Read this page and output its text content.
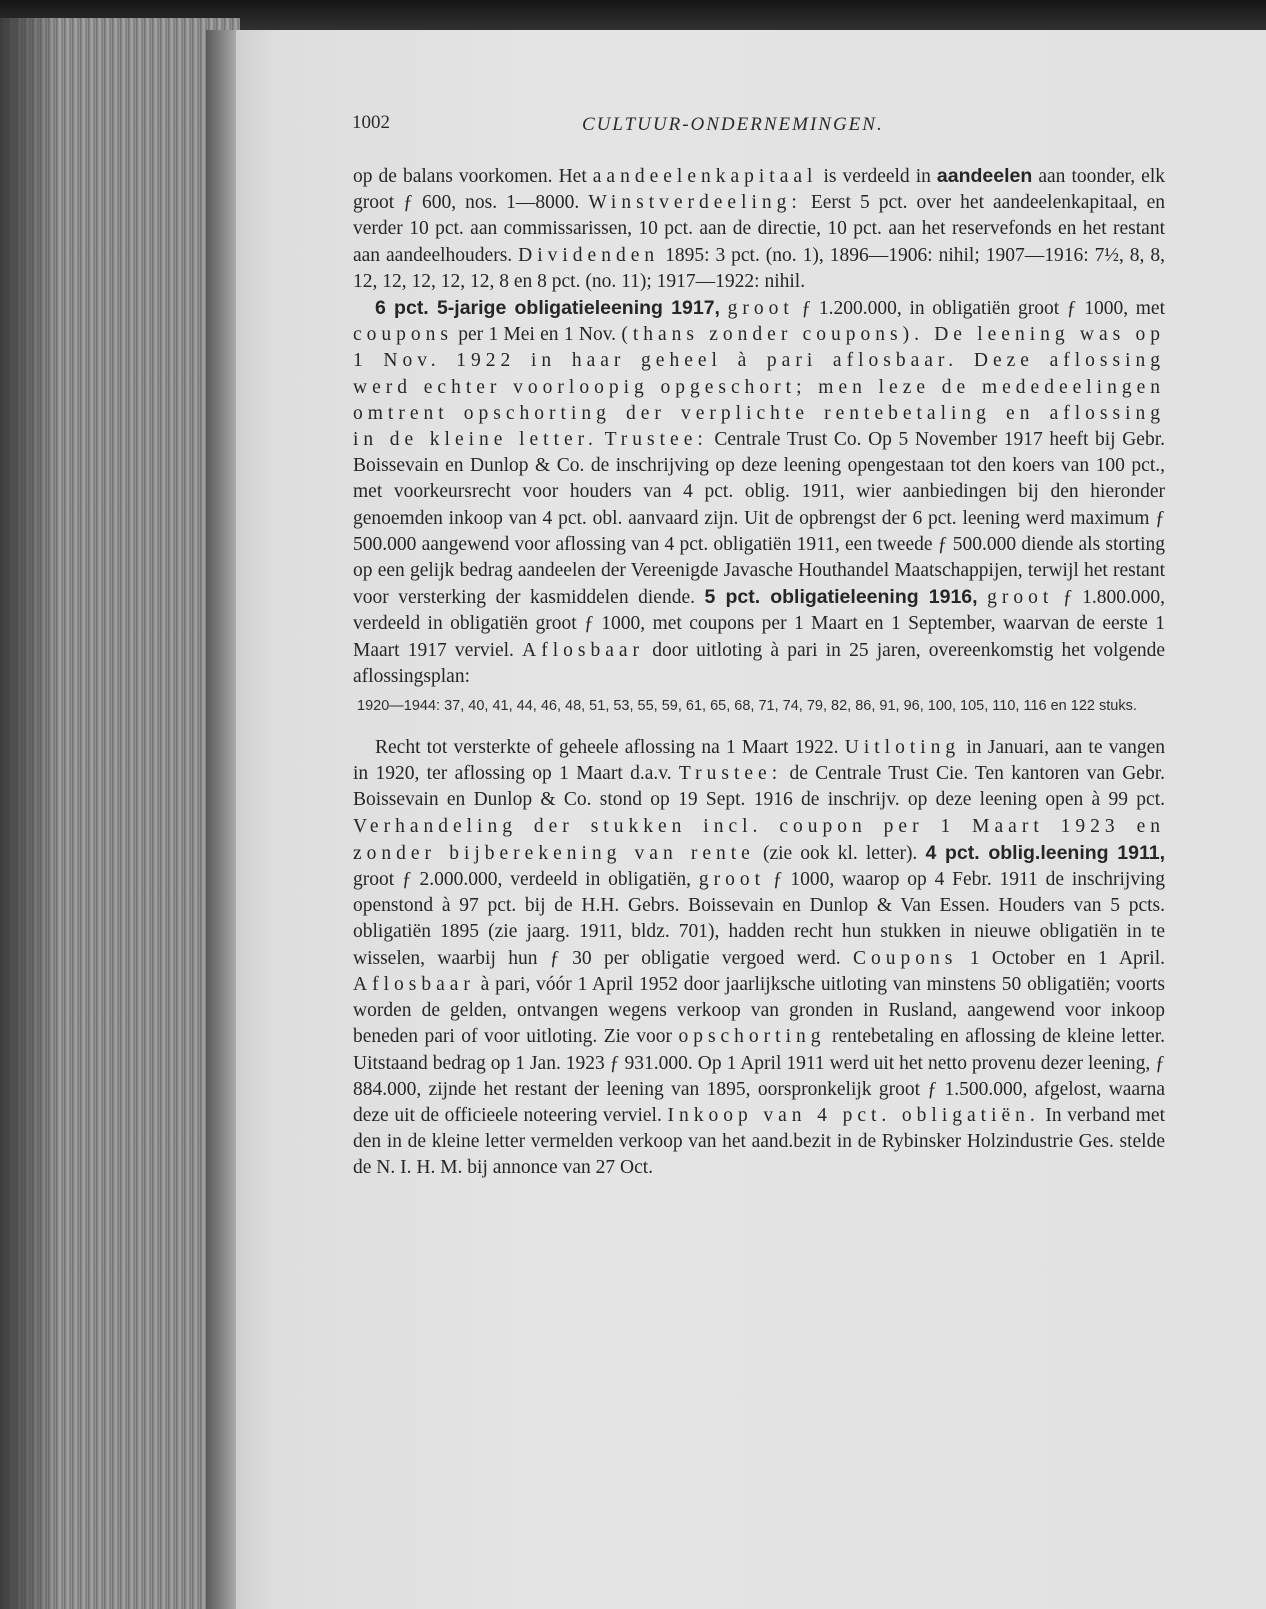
1002	CULTUUR-ONDERNEMINGEN.

op de balans voorkomen. Het aandeelenkapitaal is verdeeld in aandeelen aan toonder, elk groot ƒ 600, nos. 1—8000. Winstverdeeling: Eerst 5 pct. over het aandeelenkapitaal, en verder 10 pct. aan commissarissen, 10 pct. aan de directie, 10 pct. aan het reservefonds en het restant aan aandeelhouders. Dividenden 1895: 3 pct. (no. 1), 1896—1906: nihil; 1907—1916: 7½, 8, 8, 12, 12, 12, 12, 12, 8 en 8 pct. (no. 11); 1917—1922: nihil.

6 pct. 5-jarige obligatieleening 1917, groot ƒ 1.200.000, in obligatiën groot ƒ 1000, met coupons per 1 Mei en 1 Nov. (thans zonder coupons). De leening was op 1 Nov. 1922 in haar geheel à pari aflosbaar. Deze aflossing werd echter voorloopig opgeschort; men leze de mededeelingen omtrent opschorting der verplichte rentebetaling en aflossing in de kleine letter. Trustee: Centrale Trust Co. Op 5 November 1917 heeft bij Gebr. Boissevain en Dunlop & Co. de inschrijving op deze leening opengestaan tot den koers van 100 pct., met voorkeursrecht voor houders van 4 pct. oblig. 1911, wier aanbiedingen bij den hieronder genoemden inkoop van 4 pct. obl. aanvaard zijn. Uit de opbrengst der 6 pct. leening werd maximum ƒ 500.000 aangewend voor aflossing van 4 pct. obligatiën 1911, een tweede ƒ 500.000 diende als storting op een gelijk bedrag aandeelen der Vereenigde Javasche Houthandel Maatschappijen, terwijl het restant voor versterking der kasmiddelen diende. 5 pct. obligatieleening 1916, groot ƒ 1.800.000, verdeeld in obligatiën groot ƒ 1000, met coupons per 1 Maart en 1 September, waarvan de eerste 1 Maart 1917 verviel. Aflosbaar door uitloting à pari in 25 jaren, overeenkomstig het volgende aflossingsplan:

1920—1944: 37, 40, 41, 44, 46, 48, 51, 53, 55, 59, 61, 65, 68, 71, 74, 79, 82, 86, 91, 96, 100, 105, 110, 116 en 122 stuks.

Recht tot versterkte of geheele aflossing na 1 Maart 1922. Uitloting in Januari, aan te vangen in 1920, ter aflossing op 1 Maart d.a.v. Trustee: de Centrale Trust Cie. Ten kantoren van Gebr. Boissevain en Dunlop & Co. stond op 19 Sept. 1916 de inschrijv. op deze leening open à 99 pct. Verhandeling der stukken incl. coupon per 1 Maart 1923 en zonder bijberekening van rente (zie ook kl. letter). 4 pct. oblig.leening 1911, groot ƒ 2.000.000, verdeeld in obligatiën, groot ƒ 1000, waarop op 4 Febr. 1911 de inschrijving openstond à 97 pct. bij de H.H. Gebrs. Boissevain en Dunlop & Van Essen. Houders van 5 pcts. obligatiën 1895 (zie jaarg. 1911, bldz. 701), hadden recht hun stukken in nieuwe obligatiën in te wisselen, waarbij hun ƒ 30 per obligatie vergoed werd. Coupons 1 October en 1 April. Aflosbaar à pari, vóór 1 April 1952 door jaarlijksche uitloting van minstens 50 obligatiën; voorts worden de gelden, ontvangen wegens verkoop van gronden in Rusland, aangewend voor inkoop beneden pari of voor uitloting. Zie voor opschorting rentebetaling en aflossing de kleine letter. Uitstaand bedrag op 1 Jan. 1923 ƒ 931.000. Op 1 April 1911 werd uit het netto provenu dezer leening, ƒ 884.000, zijnde het restant der leening van 1895, oorspronkelijk groot ƒ 1.500.000, afgelost, waarna deze uit de officieele noteering verviel. Inkoop van 4 pct. obligatiën. In verband met den in de kleine letter vermelden verkoop van het aand.bezit in de Rybinsker Holzindustrie Ges. stelde de N. I. H. M. bij annonce van 27 Oct.
